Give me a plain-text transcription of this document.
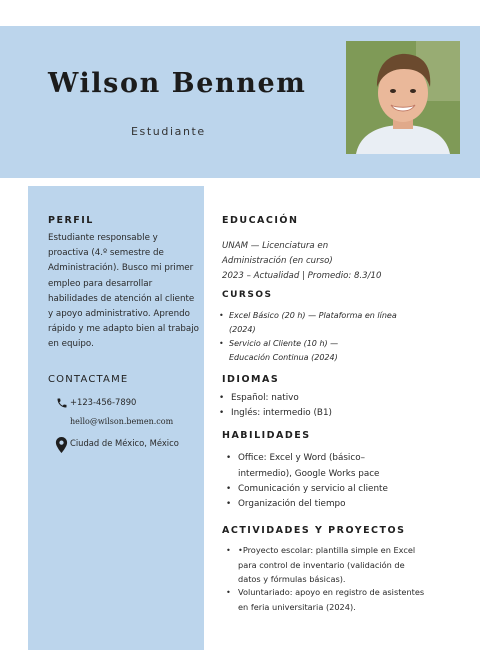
Wilson Bennem
Estudiante
PERFIL
Estudiante responsable y proactiva (4.º semestre de Administración). Busco mi primer empleo para desarrollar habilidades de atención al cliente y apoyo administrativo. Aprendo rápido y me adapto bien al trabajo en equipo.
CONTACTAME
+123-456-7890
hello@wilson.bemen.com
Ciudad de México, México
EDUCACIÓN
UNAM — Licenciatura en
Administración (en curso)
2023 – Actualidad | Promedio: 8.3/10
CURSOS
• Excel Básico (20 h) — Plataforma en línea (2024)
• Servicio al Cliente (10 h) — Educación Continua (2024)
IDIOMAS
• Español: nativo
• Inglés: intermedio (B1)
HABILIDADES
• Office: Excel y Word (básico–intermedio), Google Works pace
• Comunicación y servicio al cliente
• Organización del tiempo
ACTIVIDADES Y PROYECTOS
• •Proyecto escolar: plantilla simple en Excel para control de inventario (validación de datos y fórmulas básicas).
• Voluntariado: apoyo en registro de asistentes en feria universitaria (2024).
